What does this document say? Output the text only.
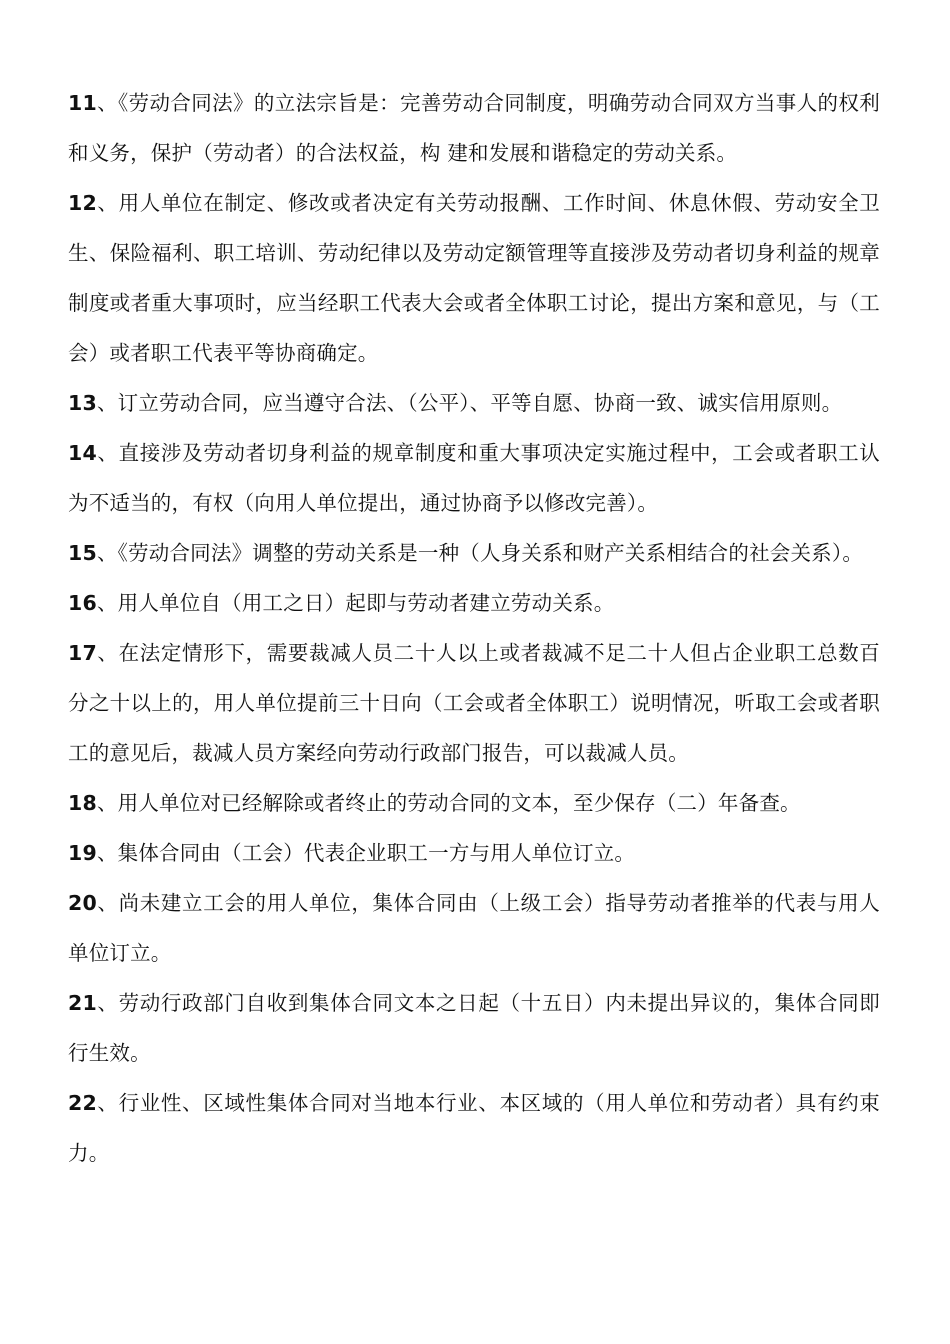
11、《劳动合同法》的立法宗旨是：完善劳动合同制度，明确劳动合同双方当事人的权利和义务，保护（劳动者）的合法权益，构 建和发展和谐稳定的劳动关系。

12、用人单位在制定、修改或者决定有关劳动报酬、工作时间、休息休假、劳动安全卫生、保险福利、职工培训、劳动纪律以及劳动定额管理等直接涉及劳动者切身利益的规章制度或者重大事项时，应当经职工代表大会或者全体职工讨论，提出方案和意见，与（工会）或者职工代表平等协商确定。

13、订立劳动合同，应当遵守合法、（公平）、平等自愿、协商一致、诚实信用原则。

14、直接涉及劳动者切身利益的规章制度和重大事项决定实施过程中，工会或者职工认为不适当的，有权（向用人单位提出，通过协商予以修改完善）。

15、《劳动合同法》调整的劳动关系是一种（人身关系和财产关系相结合的社会关系）。

16、用人单位自（用工之日）起即与劳动者建立劳动关系。

17、在法定情形下，需要裁减人员二十人以上或者裁减不足二十人但占企业职工总数百分之十以上的，用人单位提前三十日向（工会或者全体职工）说明情况，听取工会或者职工的意见后，裁减人员方案经向劳动行政部门报告，可以裁减人员。

18、用人单位对已经解除或者终止的劳动合同的文本，至少保存（二）年备查。

19、集体合同由（工会）代表企业职工一方与用人单位订立。

20、尚未建立工会的用人单位，集体合同由（上级工会）指导劳动者推举的代表与用人单位订立。

21、劳动行政部门自收到集体合同文本之日起（十五日）内未提出异议的，集体合同即行生效。

22、行业性、区域性集体合同对当地本行业、本区域的（用人单位和劳动者）具有约束力。
